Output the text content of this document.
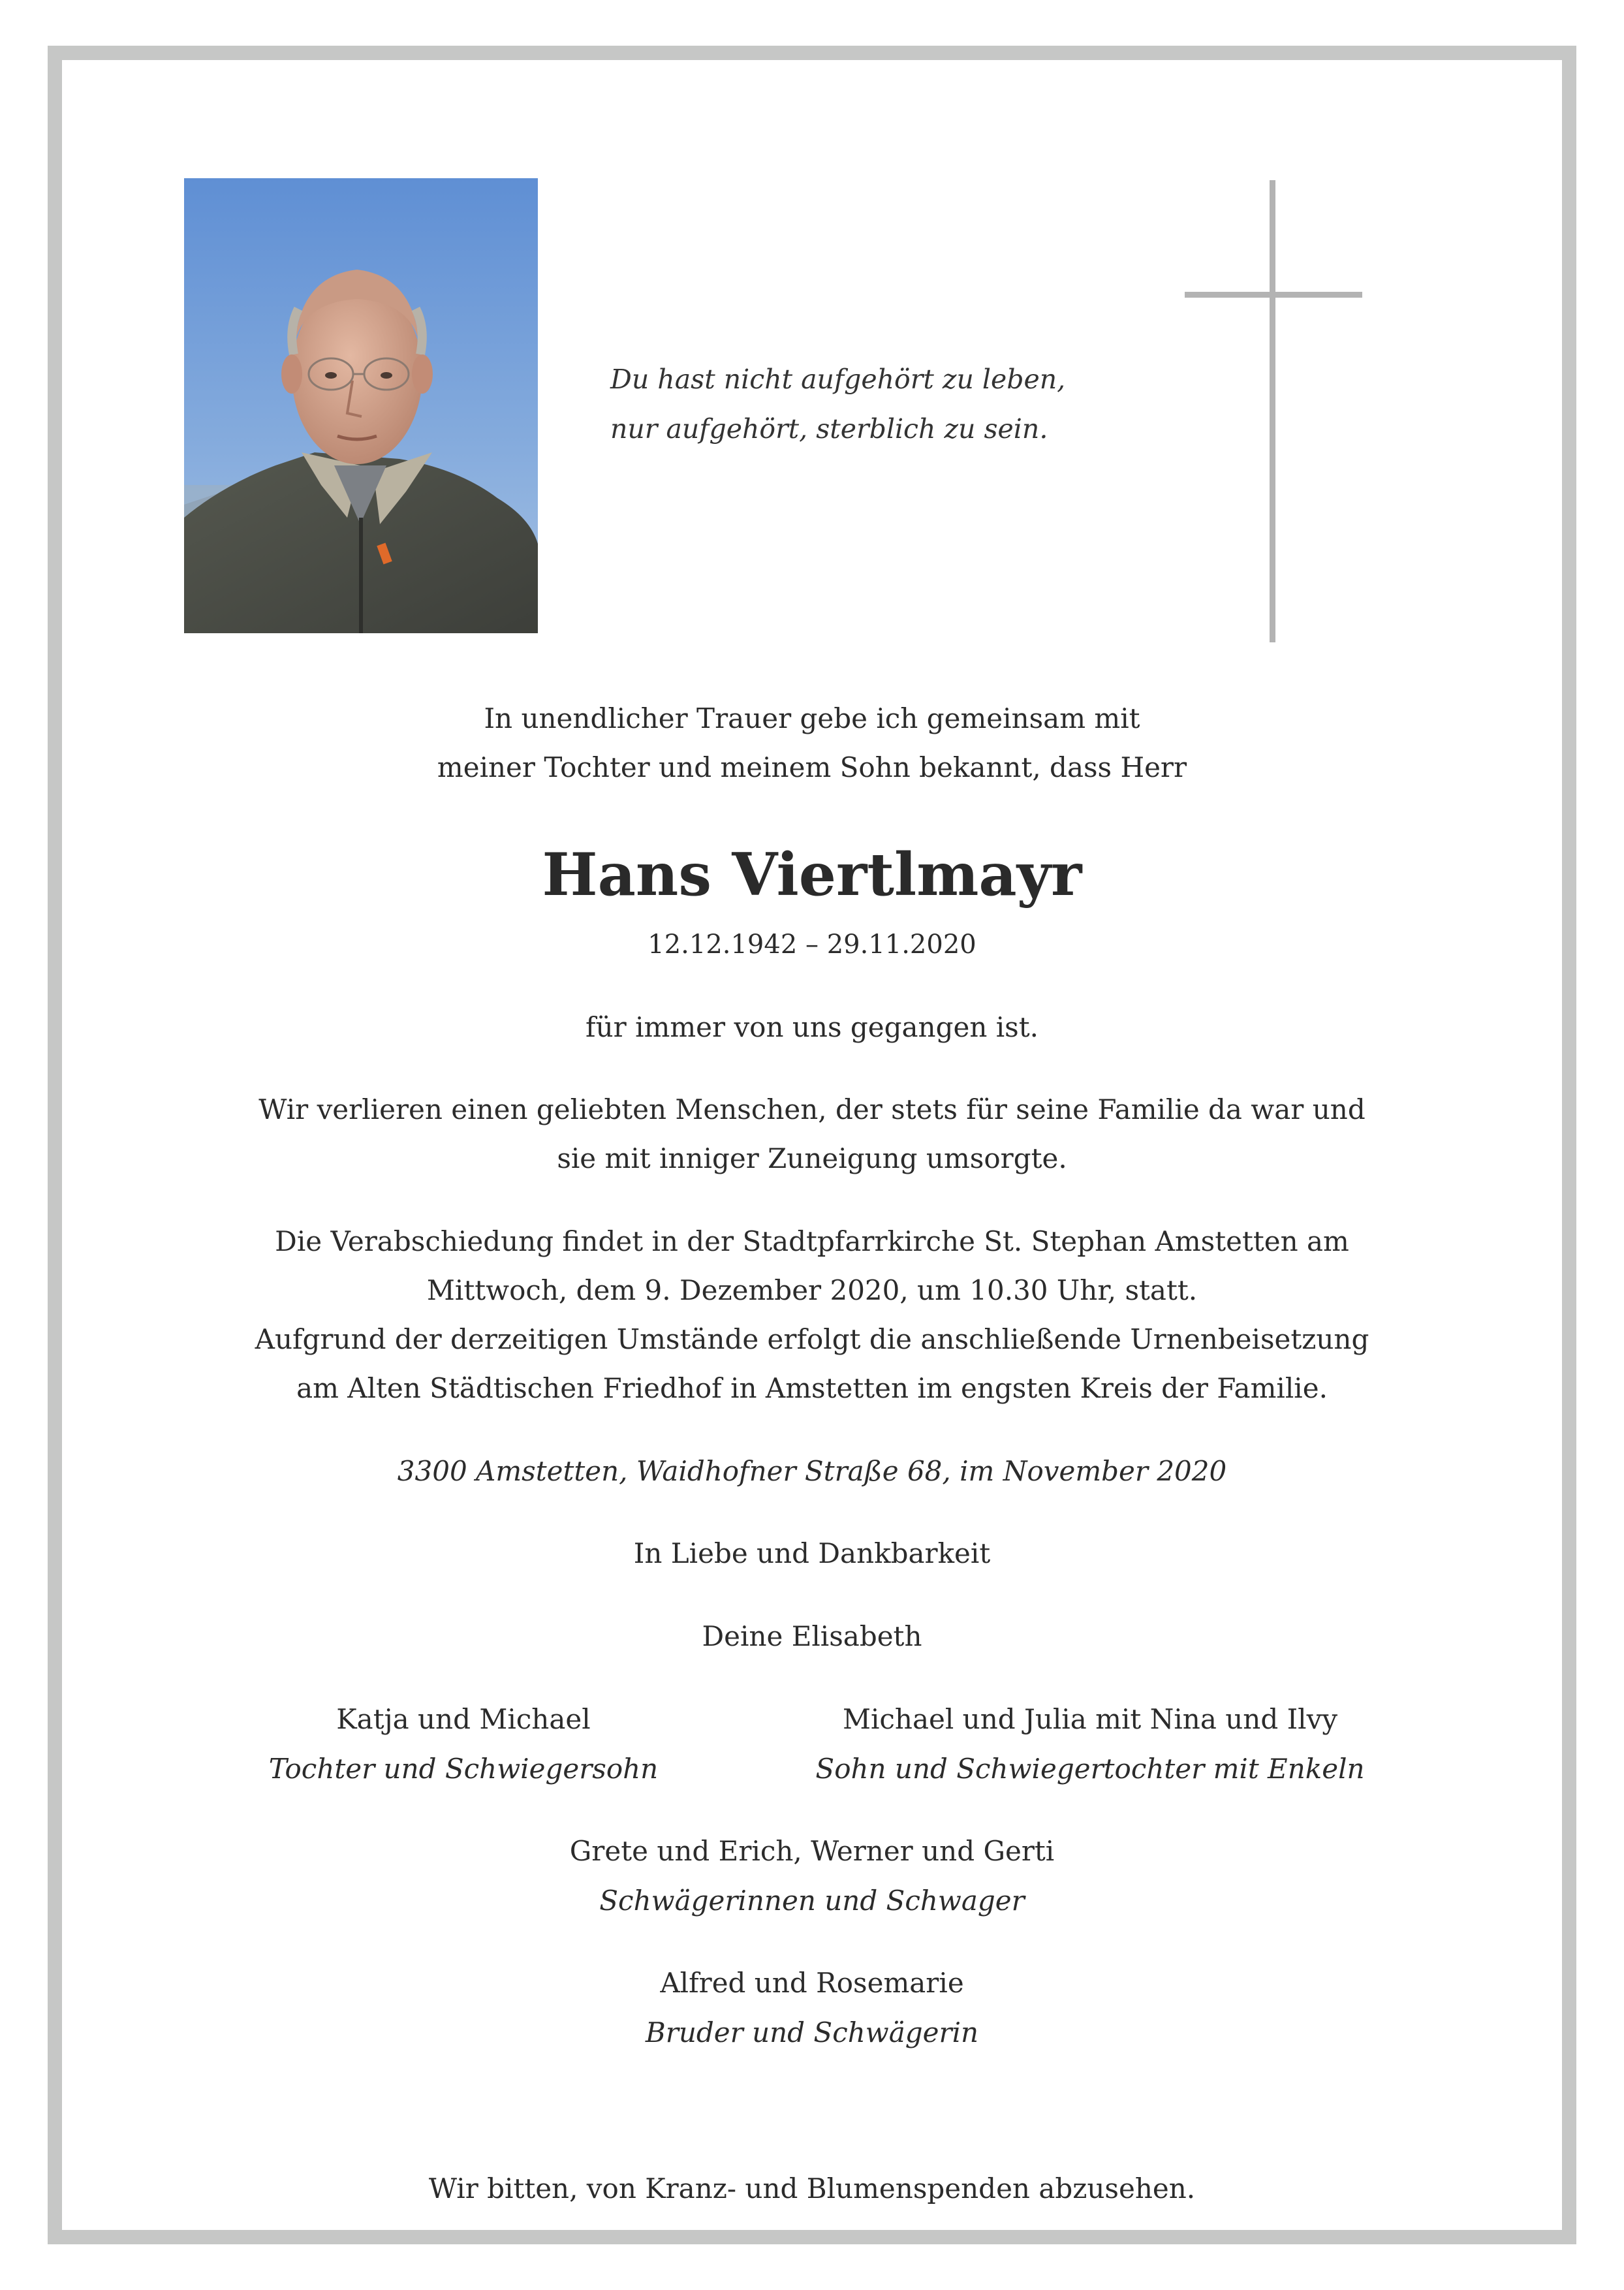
Du hast nicht aufgehört zu leben,
nur aufgehört, sterblich zu sein.
In unendlicher Trauer gebe ich gemeinsam mit
meiner Tochter und meinem Sohn bekannt, dass Herr
Hans Viertlmayr
12.12.1942 – 29.11.2020
für immer von uns gegangen ist.
Wir verlieren einen geliebten Menschen, der stets für seine Familie da war und
sie mit inniger Zuneigung umsorgte.
Die Verabschiedung findet in der Stadtpfarrkirche St. Stephan Amstetten am
Mittwoch, dem 9. Dezember 2020, um 10.30 Uhr, statt.
Aufgrund der derzeitigen Umstände erfolgt die anschließende Urnenbeisetzung
am Alten Städtischen Friedhof in Amstetten im engsten Kreis der Familie.
3300 Amstetten, Waidhofner Straße 68, im November 2020
In Liebe und Dankbarkeit
Deine Elisabeth
Katja und Michael
Tochter und Schwiegersohn
Michael und Julia mit Nina und Ilvy
Sohn und Schwiegertochter mit Enkeln
Grete und Erich, Werner und Gerti
Schwägerinnen und Schwager
Alfred und Rosemarie
Bruder und Schwägerin
Wir bitten, von Kranz- und Blumenspenden abzusehen.
